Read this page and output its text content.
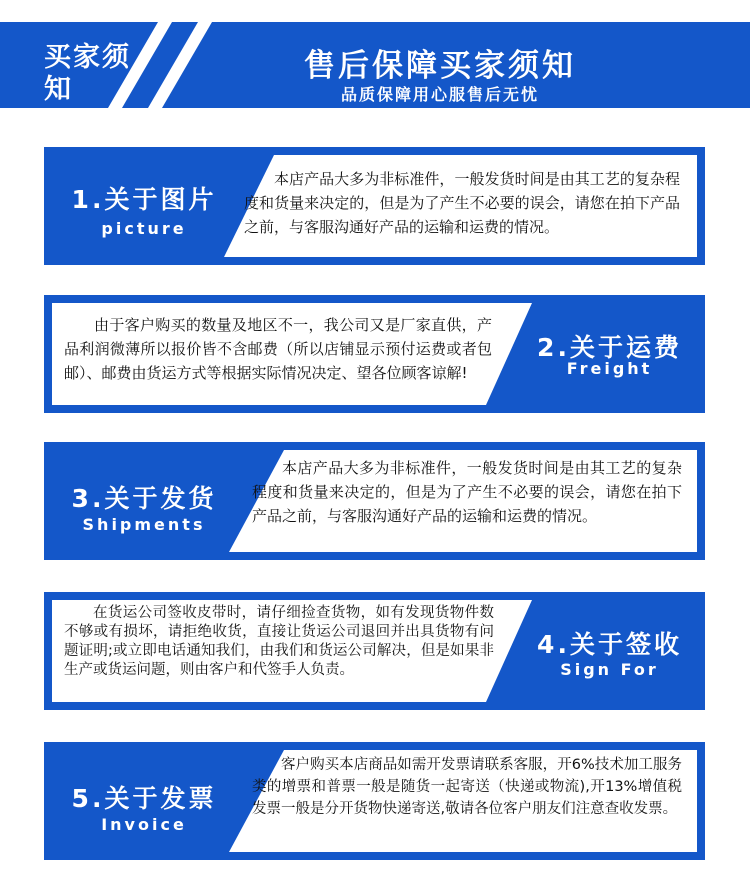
买家须知
售后保障买家须知
品质保障用心服售后无忧
1.关于图片
picture
本店产品大多为非标准件，一般发货时间是由其工艺的复杂程度和货量来决定的，但是为了产生不必要的误会，请您在拍下产品之前，与客服沟通好产品的运输和运费的情况。
2.关于运费
Freight
由于客户购买的数量及地区不一，我公司又是厂家直供，产品利润微薄所以报价皆不含邮费（所以店铺显示预付运费或者包邮）、邮费由货运方式等根据实际情况决定、望各位顾客谅解!
3.关于发货
Shipments
本店产品大多为非标准件，一般发货时间是由其工艺的复杂程度和货量来决定的，但是为了产生不必要的误会，请您在拍下产品之前，与客服沟通好产品的运输和运费的情况。
4.关于签收
Sign For
在货运公司签收皮带时，请仔细捡查货物，如有发现货物件数不够或有损坏，请拒绝收货，直接让货运公司退回并出具货物有问题证明;或立即电话通知我们，由我们和货运公司解决，但是如果非生产或货运问题，则由客户和代签手人负责。
5.关于发票
Invoice
客户购买本店商品如需开发票请联系客服，开6%技术加工服务类的增票和普票一般是随货一起寄送（快递或物流),开13%增值税发票一般是分开货物快递寄送,敬请各位客户朋友们注意查收发票。
